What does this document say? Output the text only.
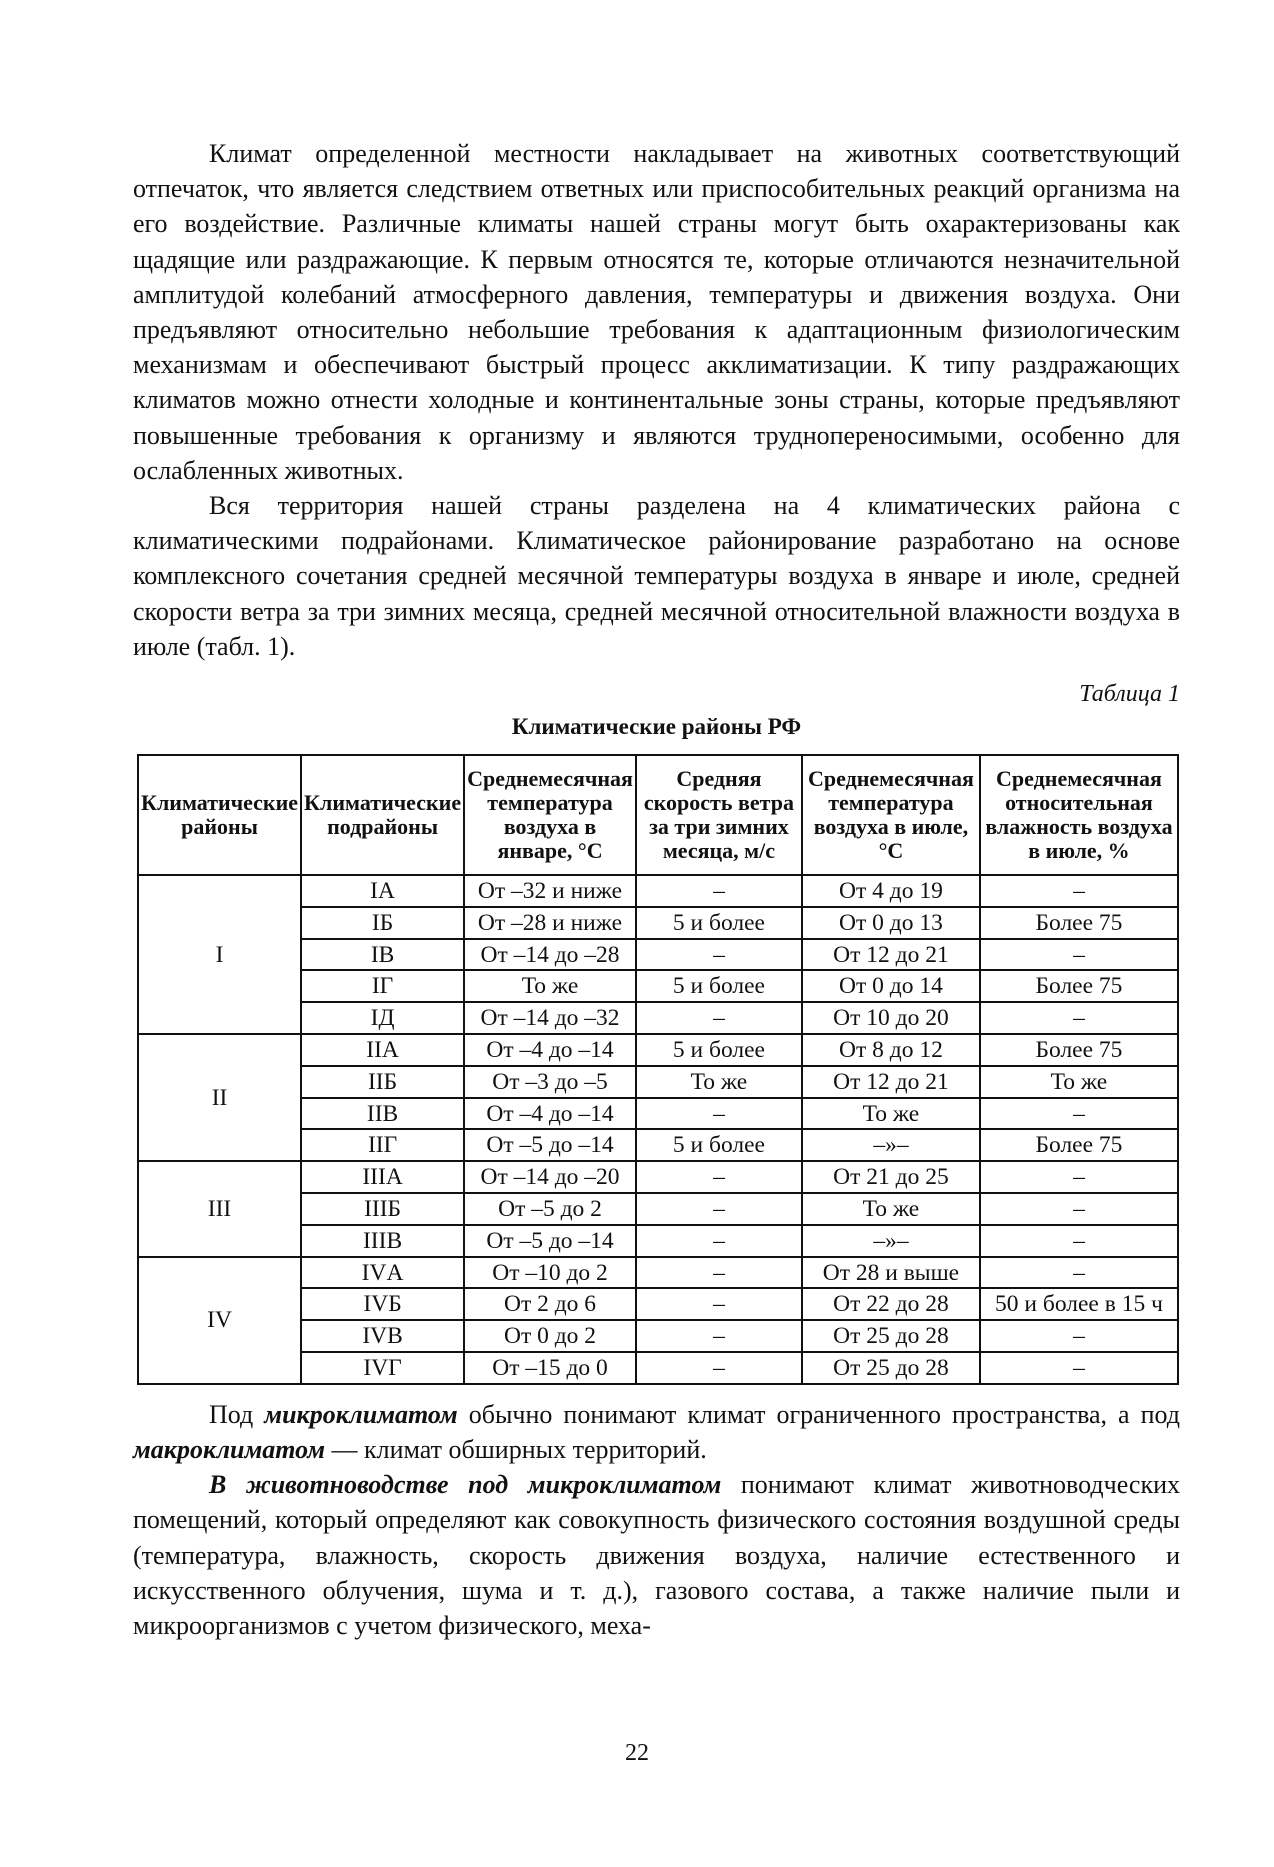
Климат определенной местности накладывает на животных соответствующий отпечаток, что является следствием ответных или приспособительных реакций организма на его воздействие. Различные климаты нашей страны могут быть охарактеризованы как щадящие или раздражающие. К первым относятся те, которые отличаются незначительной амплитудой колебаний атмосферного давления, температуры и движения воздуха. Они предъявляют относительно небольшие требования к адаптационным физиологическим механизмам и обеспечивают быстрый процесс акклиматизации. К типу раздражающих климатов можно отнести холодные и континентальные зоны страны, которые предъявляют повышенные требования к организму и являются труднопереносимыми, особенно для ослабленных животных.

Вся территория нашей страны разделена на 4 климатических района с климатическими подрайонами. Климатическое районирование разработано на основе комплексного сочетания средней месячной температуры воздуха в январе и июле, средней скорости ветра за три зимних месяца, средней месячной относительной влажности воздуха в июле (табл. 1).

Таблица 1
Климатические районы РФ
Климатические районы	Климатические подрайоны	Среднемесячная температура воздуха в январе, °С	Средняя скорость ветра за три зимних месяца, м/с	Среднемесячная температура воздуха в июле, °С	Среднемесячная относительная влажность воздуха в июле, %
I	IА	От –32 и ниже	–	От 4 до 19	–
	IБ	От –28 и ниже	5 и более	От 0 до 13	Более 75
	IВ	От –14 до –28	–	От 12 до 21	–
	IГ	То же	5 и более	От 0 до 14	Более 75
	IД	От –14 до –32	–	От 10 до 20	–
II	IIА	От –4 до –14	5 и более	От 8 до 12	Более 75
	IIБ	От –3 до –5	То же	От 12 до 21	То же
	IIВ	От –4 до –14	–	То же	–
	IIГ	От –5 до –14	5 и более	–»–	Более 75
III	IIIА	От –14 до –20	–	От 21 до 25	–
	IIIБ	От –5 до 2	–	То же	–
	IIIВ	От –5 до –14	–	–»–	–
IV	IVА	От –10 до 2	–	От 28 и выше	–
	IVБ	От 2 до 6	–	От 22 до 28	50 и более в 15 ч
	IVВ	От 0 до 2	–	От 25 до 28	–
	IVГ	От –15 до 0	–	От 25 до 28	–

Под микроклиматом обычно понимают климат ограниченного пространства, а под макроклиматом — климат обширных территорий.

В животноводстве под микроклиматом понимают климат животноводческих помещений, который определяют как совокупность физического состояния воздушной среды (температура, влажность, скорость движения воздуха, наличие естественного и искусственного облучения, шума и т. д.), газового состава, а также наличие пыли и микроорганизмов с учетом физического, меха-

22
